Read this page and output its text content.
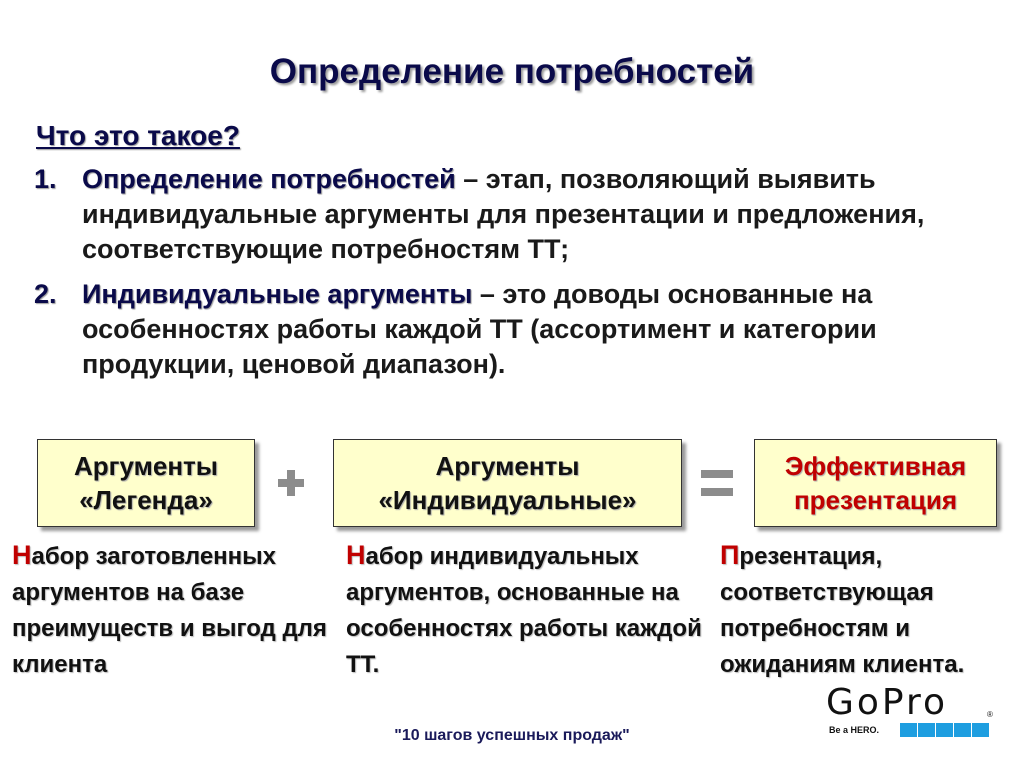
Определение потребностей
Что это такое?
1. Определение потребностей – этап, позволяющий выявить индивидуальные аргументы для презентации и предложения, соответствующие потребностям ТТ;
2. Индивидуальные аргументы – это доводы основанные на особенностях работы каждой ТТ (ассортимент и категории продукции, ценовой диапазон).
Аргументы
«Легенда»
Аргументы
«Индивидуальные»
Эффективная
презентация
Набор заготовленных аргументов на базе преимуществ и выгод для клиента
Набор индивидуальных аргументов, основанные на особенностях работы каждой ТТ.
Презентация, соответствующая потребностям и ожиданиям клиента.
"10 шагов успешных продаж"
GoPro	®
Be a HERO.
